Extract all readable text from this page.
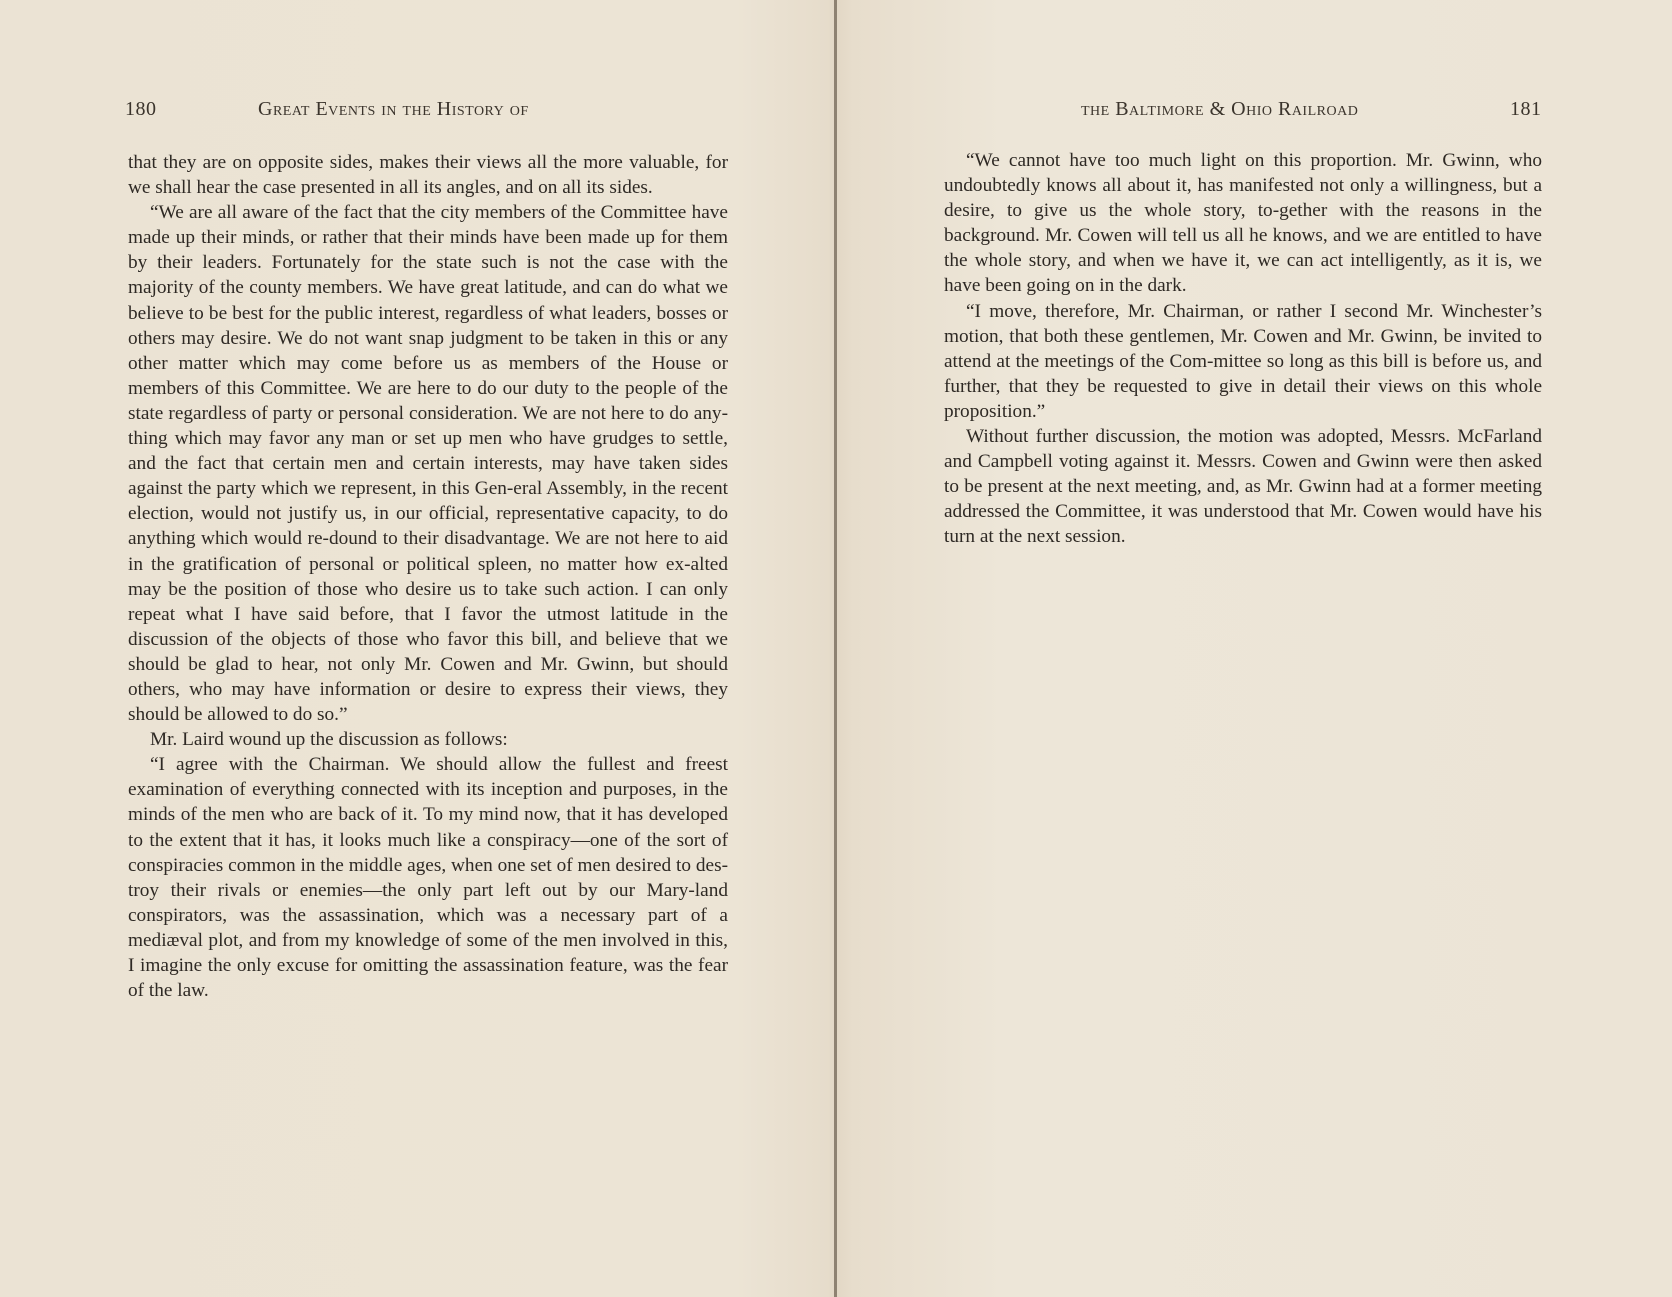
180	Great Events in the History of

that they are on opposite sides, makes their views all the more valuable, for we shall hear the case presented in all its angles, and on all its sides.

“We are all aware of the fact that the city members of the Committee have made up their minds, or rather that their minds have been made up for them by their leaders. Fortunately for the state such is not the case with the majority of the county members. We have great latitude, and can do what we believe to be best for the public interest, regardless of what leaders, bosses or others may desire. We do not want snap judgment to be taken in this or any other matter which may come before us as members of the House or members of this Committee. We are here to do our duty to the people of the state regardless of party or personal consideration. We are not here to do any-thing which may favor any man or set up men who have grudges to settle, and the fact that certain men and certain interests, may have taken sides against the party which we represent, in this Gen-eral Assembly, in the recent election, would not justify us, in our official, representative capacity, to do anything which would re-dound to their disadvantage. We are not here to aid in the gratification of personal or political spleen, no matter how ex-alted may be the position of those who desire us to take such action. I can only repeat what I have said before, that I favor the utmost latitude in the discussion of the objects of those who favor this bill, and believe that we should be glad to hear, not only Mr. Cowen and Mr. Gwinn, but should others, who may have information or desire to express their views, they should be allowed to do so.”

Mr. Laird wound up the discussion as follows:

“I agree with the Chairman. We should allow the fullest and freest examination of everything connected with its inception and purposes, in the minds of the men who are back of it. To my mind now, that it has developed to the extent that it has, it looks much like a conspiracy—one of the sort of conspiracies common in the middle ages, when one set of men desired to des-troy their rivals or enemies—the only part left out by our Mary-land conspirators, was the assassination, which was a necessary part of a mediæval plot, and from my knowledge of some of the men involved in this, I imagine the only excuse for omitting the assassination feature, was the fear of the law.

the Baltimore & Ohio Railroad	181

“We cannot have too much light on this proportion. Mr. Gwinn, who undoubtedly knows all about it, has manifested not only a willingness, but a desire, to give us the whole story, to-gether with the reasons in the background. Mr. Cowen will tell us all he knows, and we are entitled to have the whole story, and when we have it, we can act intelligently, as it is, we have been going on in the dark.

“I move, therefore, Mr. Chairman, or rather I second Mr. Winchester’s motion, that both these gentlemen, Mr. Cowen and Mr. Gwinn, be invited to attend at the meetings of the Com-mittee so long as this bill is before us, and further, that they be requested to give in detail their views on this whole proposition.”

Without further discussion, the motion was adopted, Messrs. McFarland and Campbell voting against it. Messrs. Cowen and Gwinn were then asked to be present at the next meeting, and, as Mr. Gwinn had at a former meeting addressed the Committee, it was understood that Mr. Cowen would have his turn at the next session.
